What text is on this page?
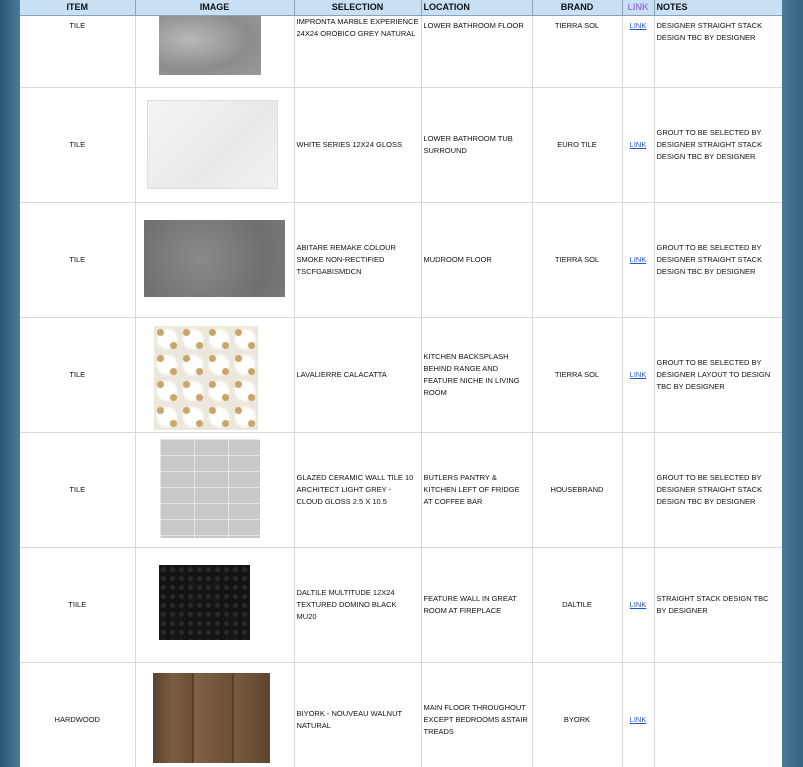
ITEM	IMAGE	SELECTION	LOCATION	BRAND	LINK	NOTES
TILE		IMPRONTA MARBLE EXPERIENCE 24X24 OROBICO GREY NATURAL	LOWER BATHROOM FLOOR	TIERRA SOL	LINK	DESIGNER STRAIGHT STACK DESIGN TBC BY DESIGNER
TILE		WHITE SERIES 12X24 GLOSS	LOWER BATHROOM TUB SURROUND	EURO TILE	LINK	GROUT TO BE SELECTED BY DESIGNER STRAIGHT STACK DESIGN TBC BY DESIGNER
TILE		ABITARE REMAKE COLOUR SMOKE NON-RECTIFIED TSCFGABISMDCN	MUDROOM FLOOR	TIERRA SOL	LINK	GROUT TO BE SELECTED BY DESIGNER STRAIGHT STACK DESIGN TBC BY DESIGNER
TILE		LAVALIERRE CALACATTA	KITCHEN BACKSPLASH BEHIND RANGE AND FEATURE NICHE IN LIVING ROOM	TIERRA SOL	LINK	GROUT TO BE SELECTED BY DESIGNER LAYOUT TO DESIGN TBC BY DESIGNER
TILE		GLAZED CERAMIC WALL TILE 10 ARCHITECT LIGHT GREY - CLOUD GLOSS 2.5 X 10.5	BUTLERS PANTRY & KITCHEN LEFT OF FRIDGE AT COFFEE BAR	HOUSEBRAND		GROUT TO BE SELECTED BY DESIGNER STRAIGHT STACK DESIGN TBC BY DESIGNER
TIILE		DALTILE MULTITUDE 12X24 TEXTURED DOMINO BLACK MU20	FEATURE WALL IN GREAT ROOM AT FIREPLACE	DALTILE	LINK	STRAIGHT STACK DESIGN TBC BY DESIGNER
HARDWOOD		BIYORK - NOUVEAU WALNUT NATURAL	MAIN FLOOR THROUGHOUT EXCEPT BEDROOMS &STAIR TREADS	BYORK	LINK	
